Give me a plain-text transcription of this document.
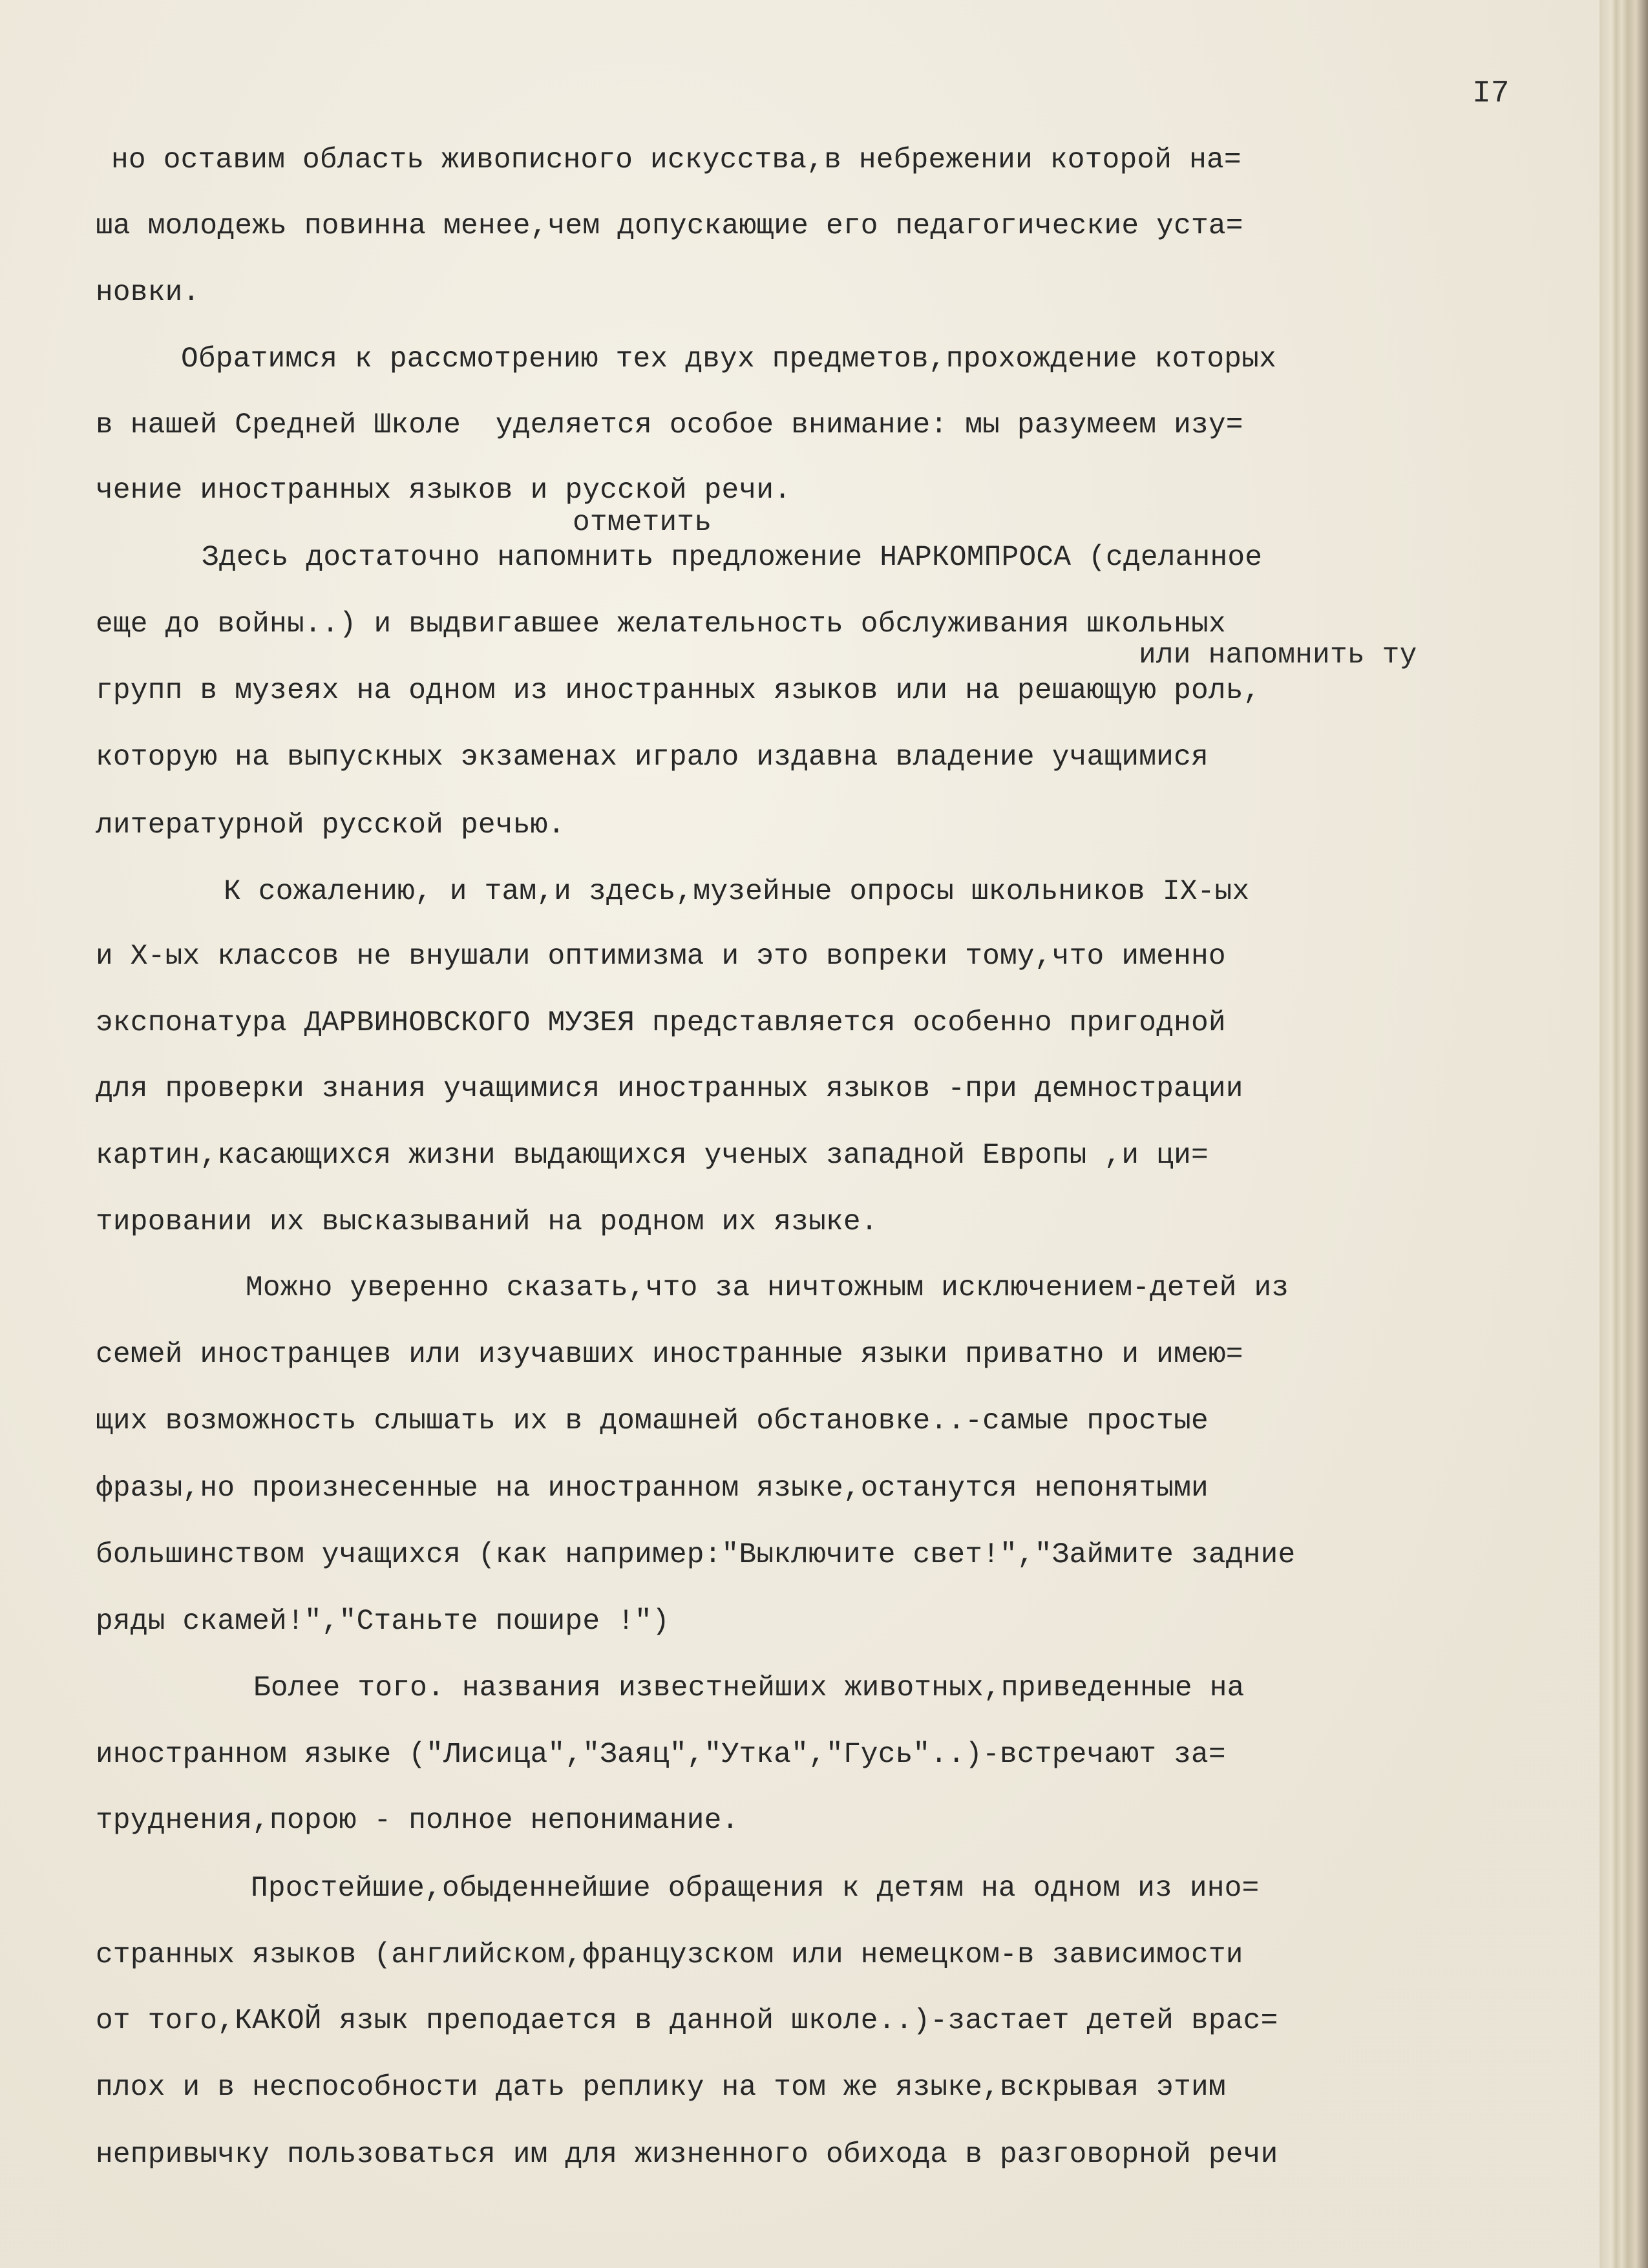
I7
отметить
или напомнить ту
но оставим область живописного искусства,в небрежении которой на=
ша молодежь повинна менее,чем допускающие его педагогические уста=
новки.
Обратимся к рассмотрению тех двух предметов,прохождение которых
в нашей Средней Школе  уделяется особое внимание: мы разумеем изу=
чение иностранных языков и русской речи.
Здесь достаточно напомнить предложение НАРКОМПРОСА (сделанное
еще до войны..) и выдвигавшее желательность обслуживания школьных
групп в музеях на одном из иностранных языков или на решающую роль,
которую на выпускных экзаменах играло издавна владение учащимися
литературной русской речью.
К сожалению, и там,и здесь,музейные опросы школьников IX-ых
и X-ых классов не внушали оптимизма и это вопреки тому,что именно
экспонатура ДАРВИНОВСКОГО МУЗЕЯ представляется особенно пригодной
для проверки знания учащимися иностранных языков -при демнострации
картин,касающихся жизни выдающихся ученых западной Европы ,и ци=
тировании их высказываний на родном их языке.
Можно уверенно сказать,что за ничтожным исключением-детей из
семей иностранцев или изучавших иностранные языки приватно и имею=
щих возможность слышать их в домашней обстановке..-самые простые
фразы,но произнесенные на иностранном языке,останутся непонятыми
большинством учащихся (как например:"Выключите свет!","Займите задние
ряды скамей!","Станьте пошире !")
Более того. названия известнейших животных,приведенные на
иностранном языке ("Лисица","Заяц","Утка","Гусь"..)-встречают за=
труднения,порою - полное непонимание.
Простейшие,обыденнейшие обращения к детям на одном из ино=
странных языков (английском,французском или немецком-в зависимости
от того,КАКОЙ язык преподается в данной школе..)-застает детей врас=
плох и в неспособности дать реплику на том же языке,вскрывая этим
непривычку пользоваться им для жизненного обихода в разговорной речи
